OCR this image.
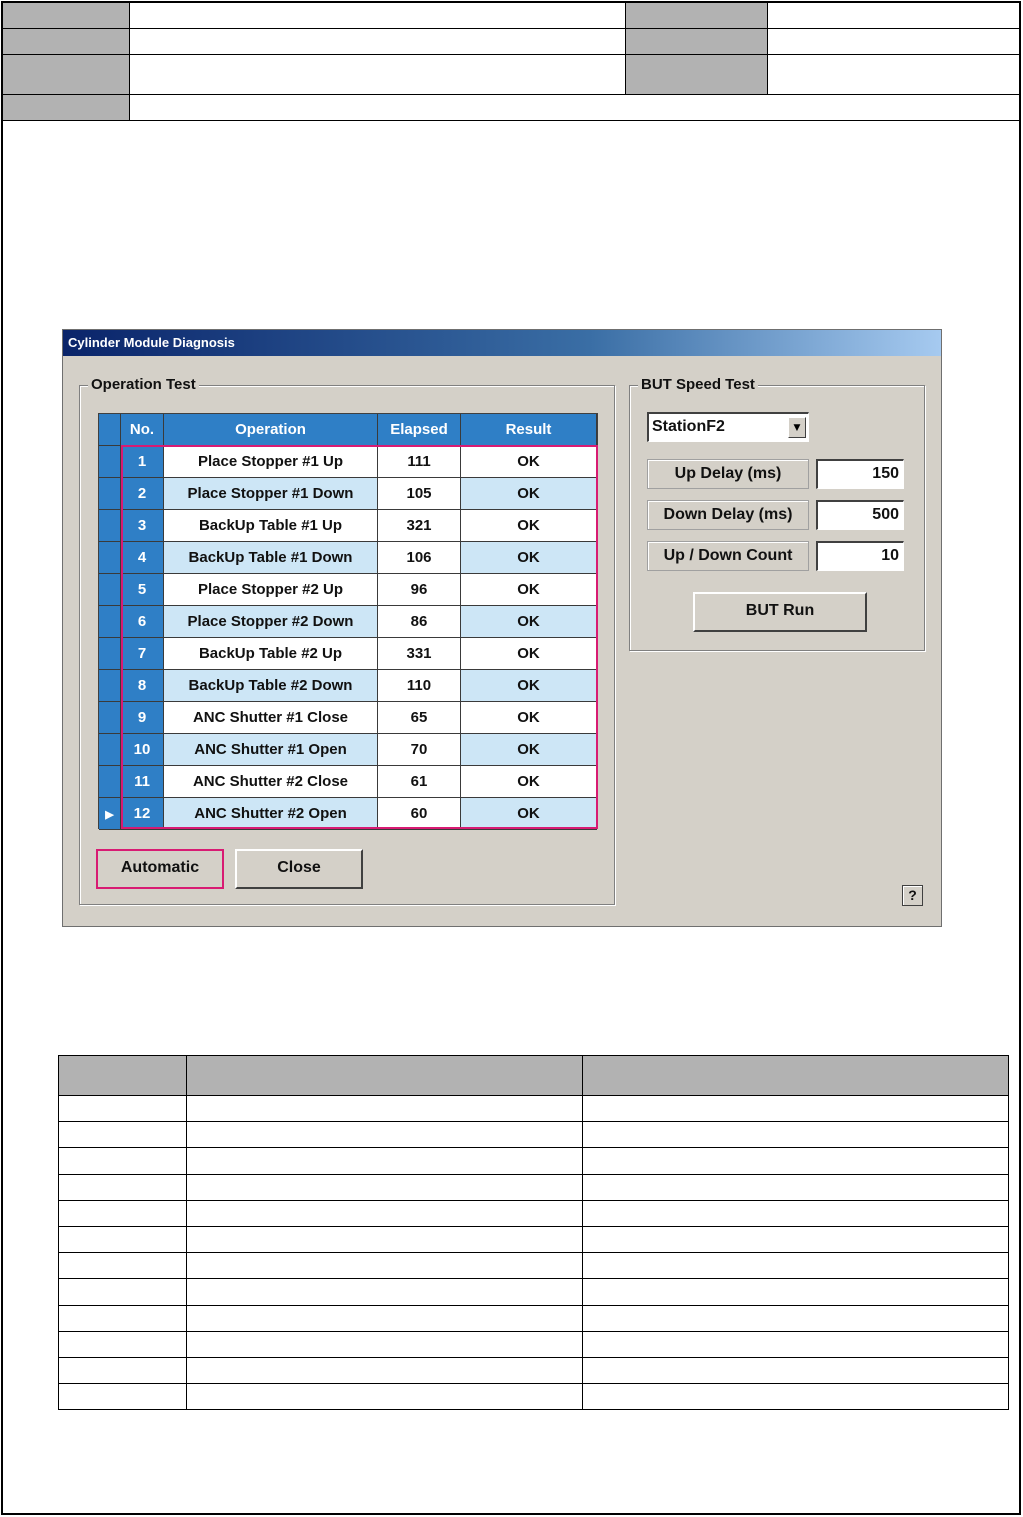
Cylinder Module Diagnosis
Operation Test
No.	Operation	Elapsed	Result
1	Place Stopper #1 Up	111	OK
2	Place Stopper #1 Down	105	OK
3	BackUp Table #1 Up	321	OK
4	BackUp Table #1 Down	106	OK
5	Place Stopper #2 Up	96	OK
6	Place Stopper #2 Down	86	OK
7	BackUp Table #2 Up	331	OK
8	BackUp Table #2 Down	110	OK
9	ANC Shutter #1 Close	65	OK
10	ANC Shutter #1 Open	70	OK
11	ANC Shutter #2 Close	61	OK
▶	12	ANC Shutter #2 Open	60	OK
Automatic	Close
BUT Speed Test
StationF2	▼
Up Delay (ms)	150
Down Delay (ms)	500
Up / Down Count	10
BUT Run
?
